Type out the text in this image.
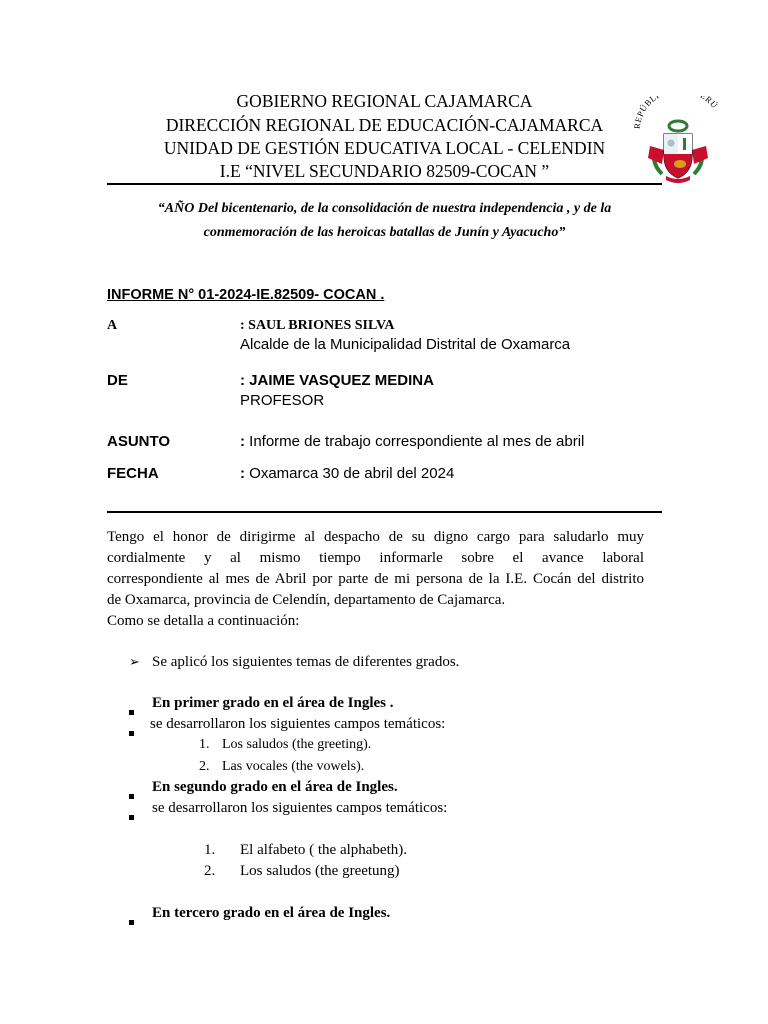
GOBIERNO REGIONAL CAJAMARCA
DIRECCIÓN REGIONAL DE EDUCACIÓN-CAJAMARCA
UNIDAD DE GESTIÓN EDUCATIVA LOCAL - CELENDIN
I.E “NIVEL SECUNDARIO 82509-COCAN ”
REPÚBL RÚ
“AÑO Del bicentenario, de la consolidación de nuestra independencia , y de la
conmemoración de las heroicas batallas de Junín y Ayacucho”
INFORME N° 01-2024-IE.82509- COCAN .
A	: SAUL BRIONES SILVA
Alcalde de la Municipalidad Distrital de Oxamarca
DE	: JAIME VASQUEZ MEDINA
PROFESOR
ASUNTO	: Informe de trabajo correspondiente al mes de abril
FECHA	: Oxamarca 30 de abril del 2024
Tengo el honor de dirigirme al despacho de su digno cargo para saludarlo muy
cordialmente y al mismo tiempo informarle sobre el avance laboral
correspondiente al mes de Abril por parte de mi persona de la I.E. Cocán del distrito
de Oxamarca, provincia de Celendín, departamento de Cajamarca.
Como se detalla a continuación:
➢ Se aplicó los siguientes temas de diferentes grados.
En primer grado en el área de Ingles .
se desarrollaron los siguientes campos temáticos:
1. Los saludos (the greeting).
2. Las vocales (the vowels).
En segundo grado en el área de Ingles.
se desarrollaron los siguientes campos temáticos:
1. El alfabeto ( the alphabeth).
2. Los saludos (the greetung)
En tercero grado en el área de Ingles.
